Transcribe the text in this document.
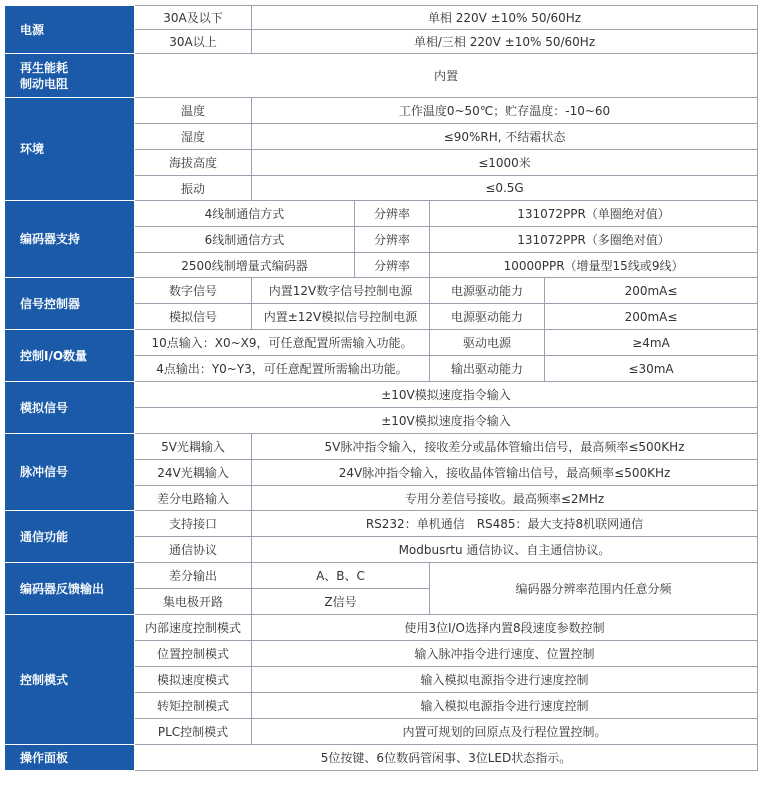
电源	30A及以下	单相 220V ±10% 50/60Hz			
	30A以上	单相/三相 220V ±10% 50/60Hz			
再生能耗
制动电阻	内置				
环境	温度	工作温度0~50℃；贮存温度：-10~60			
	湿度	≤90%RH, 不结霜状态			
	海拔高度	≤1000米			
	振动	≤0.5G			
编码器支持	4线制通信方式		分辨率	131072PPR（单圈绝对值）	
	6线制通信方式		分辨率	131072PPR（多圈绝对值）	
	2500线制增量式编码器		分辨率	10000PPR（增量型15线或9线）	
信号控制器	数字信号	内置12V数字信号控制电源		电源驱动能力	200mA≤
	模拟信号	内置±12V模拟信号控制电源		电源驱动能力	200mA≤
控制I/O数量	10点输入：X0~X9，可任意配置所需输入功能。			驱动电源	≥4mA
	4点输出：Y0~Y3，可任意配置所需输出功能。			输出驱动能力	≤30mA
模拟信号	±10V模拟速度指令输入				
	±10V模拟速度指令输入				
脉冲信号	5V光耦输入	5V脉冲指令输入，接收差分或晶体管输出信号，最高频率≤500KHz			
	24V光耦输入	24V脉冲指令输入，接收晶体管输出信号，最高频率≤500KHz			
	差分电路输入	专用分差信号接收。最高频率≤2MHz			
通信功能	支持接口	RS232：单机通信　RS485：最大支持8机联网通信			
	通信协议	Modbusrtu 通信协议、自主通信协议。			
编码器反馈输出	差分输出	A、B、C		编码器分辨率范围内任意分频	
	集电极开路	Z信号			
控制模式	内部速度控制模式	使用3位I/O选择内置8段速度参数控制			
	位置控制模式	输入脉冲指令进行速度、位置控制			
	模拟速度模式	输入模拟电源指令进行速度控制			
	转矩控制模式	输入模拟电源指令进行速度控制			
	PLC控制模式	内置可规划的回原点及行程位置控制。			
操作面板	5位按键、6位数码管闲事、3位LED状态指示。				
